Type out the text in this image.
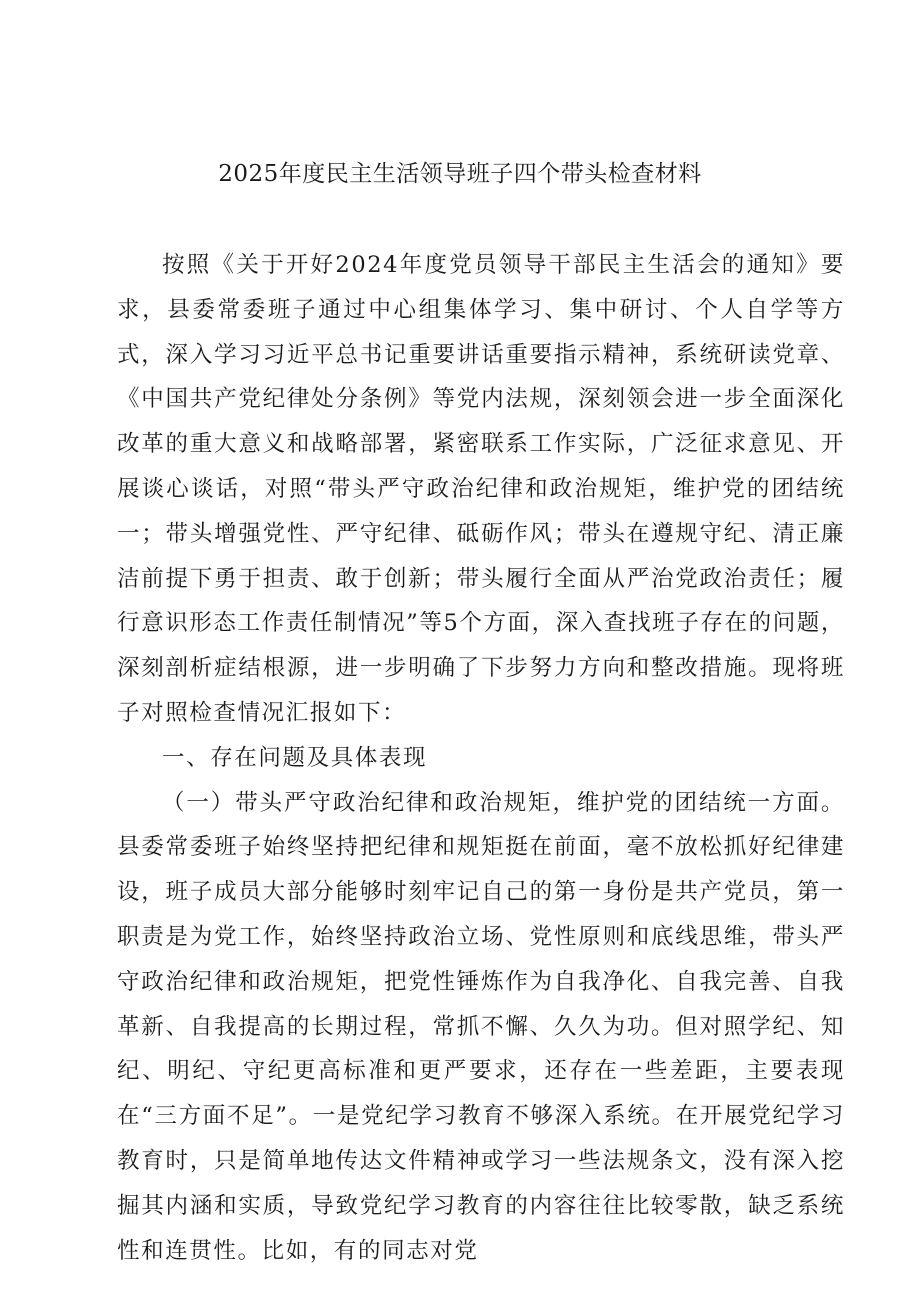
2025年度民主生活领导班子四个带头检查材料

按照《关于开好2024年度党员领导干部民主生活会的通知》要求，县委常委班子通过中心组集体学习、集中研讨、个人自学等方式，深入学习习近平总书记重要讲话重要指示精神，系统研读党章、《中国共产党纪律处分条例》等党内法规，深刻领会进一步全面深化改革的重大意义和战略部署，紧密联系工作实际，广泛征求意见、开展谈心谈话，对照“带头严守政治纪律和政治规矩，维护党的团结统一；带头增强党性、严守纪律、砥砺作风；带头在遵规守纪、清正廉洁前提下勇于担责、敢于创新；带头履行全面从严治党政治责任；履行意识形态工作责任制情况”等5个方面，深入查找班子存在的问题，深刻剖析症结根源，进一步明确了下步努力方向和整改措施。现将班子对照检查情况汇报如下：

一、存在问题及具体表现

（一）带头严守政治纪律和政治规矩，维护党的团结统一方面。县委常委班子始终坚持把纪律和规矩挺在前面，毫不放松抓好纪律建设，班子成员大部分能够时刻牢记自己的第一身份是共产党员，第一职责是为党工作，始终坚持政治立场、党性原则和底线思维，带头严守政治纪律和政治规矩，把党性锤炼作为自我净化、自我完善、自我革新、自我提高的长期过程，常抓不懈、久久为功。但对照学纪、知纪、明纪、守纪更高标准和更严要求，还存在一些差距，主要表现在“三方面不足”。一是党纪学习教育不够深入系统。在开展党纪学习教育时，只是简单地传达文件精神或学习一些法规条文，没有深入挖掘其内涵和实质，导致党纪学习教育的内容往往比较零散，缺乏系统性和连贯性。比如，有的同志对党
